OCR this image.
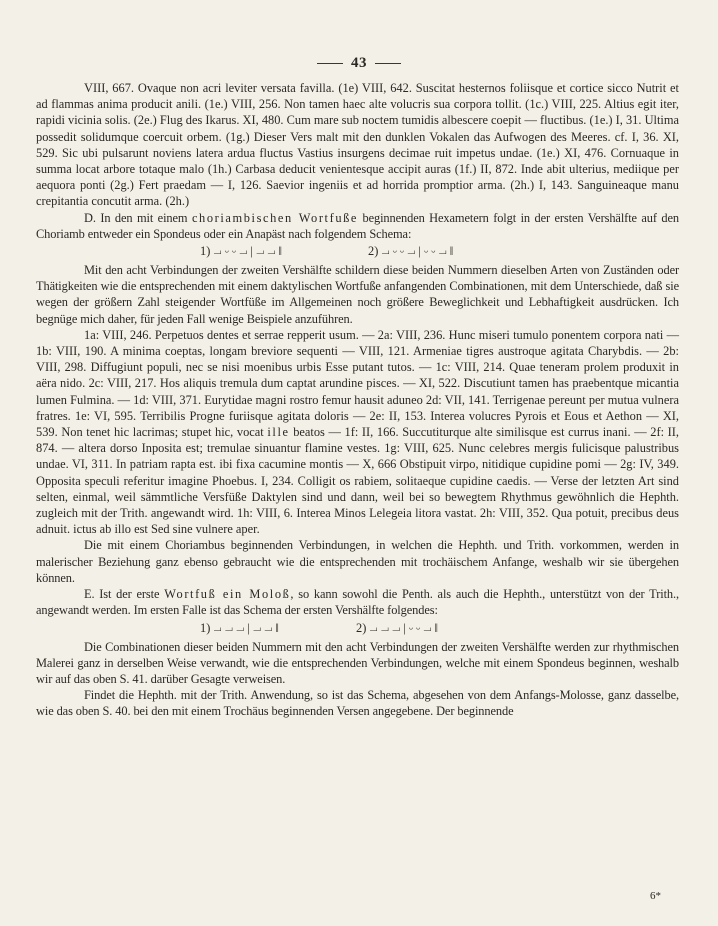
43

VIII, 667. Ovaque non acri leviter versata favilla. (1e) VIII, 642. Suscitat hesternos foliisque et cortice sicco Nutrit et ad flammas anima producit anili. (1e.) VIII, 256. Non tamen haec alte volucris sua corpora tollit. (1c.) VIII, 225. Altius egit iter, rapidi vicinia solis. (2e.) Flug des Ikarus. XI, 480. Cum mare sub noctem tumidis albescere coepit — fluctibus. (1e.) I, 31. Ultima possedit solidumque coercuit orbem. (1g.) Dieser Vers malt mit den dunklen Vokalen das Aufwogen des Meeres. cf. I, 36. XI, 529. Sic ubi pulsarunt noviens latera ardua fluctus Vastius insurgens decimae ruit impetus undae. (1e.) XI, 476. Cornuaque in summa locat arbore totaque malo (1h.) Carbasa deducit venientesque accipit auras (1f.) II, 872. Inde abit ulterius, mediique per aequora ponti (2g.) Fert praedam — I, 126. Saevior ingeniis et ad horrida promptior arma. (2h.) I, 143. Sanguineaque manu crepitantia concutit arma. (2h.)

D. In den mit einem choriambischen Wortfuße beginnenden Hexametern folgt in der ersten Vershälfte auf den Choriamb entweder ein Spondeus oder ein Anapäst nach folgendem Schema:

1) ⏗ ⏑ ⏑ ⏗ | ⏗ ⏗ ‖	2) ⏗ ⏑ ⏑ ⏗ | ⏑ ⏑ ⏗ ‖

Mit den acht Verbindungen der zweiten Vershälfte schildern diese beiden Nummern dieselben Arten von Zuständen oder Thätigkeiten wie die entsprechenden mit einem daktylischen Wortfuße anfangenden Combinationen, mit dem Unterschiede, daß sie wegen der größern Zahl steigender Wortfüße im Allgemeinen noch größere Beweglichkeit und Lebhaftigkeit ausdrücken. Ich begnüge mich daher, für jeden Fall wenige Beispiele anzuführen.

1a: VIII, 246. Perpetuos dentes et serrae repperit usum. — 2a: VIII, 236. Hunc miseri tumulo ponentem corpora nati — 1b: VIII, 190. A minima coeptas, longam breviore sequenti — VIII, 121. Armeniae tigres austroque agitata Charybdis. — 2b: VIII, 298. Diffugiunt populi, nec se nisi moenibus urbis Esse putant tutos. — 1c: VIII, 214. Quae teneram prolem produxit in aëra nido. 2c: VIII, 217. Hos aliquis tremula dum captat arundine pisces. — XI, 522. Discutiunt tamen has praebentque micantia lumen Fulmina. — 1d: VIII, 371. Eurytidae magni rostro femur hausit aduneo 2d: VII, 141. Terrigenae pereunt per mutua vulnera fratres. 1e: VI, 595. Terribilis Progne furiisque agitata doloris — 2e: II, 153. Interea volucres Pyrois et Eous et Aethon — XI, 539. Non tenet hic lacrimas; stupet hic, vocat ille beatos — 1f: II, 166. Succutiturque alte similisque est currus inani. — 2f: II, 874. — altera dorso Inposita est; tremulae sinuantur flamine vestes. 1g: VIII, 625. Nunc celebres mergis fulicisque palustribus undae. VI, 311. In patriam rapta est. ibi fixa cacumine montis — X, 666 Obstipuit virpo, nitidique cupidine pomi — 2g: IV, 349. Opposita speculi referitur imagine Phoebus. I, 234. Colligit os rabiem, solitaeque cupidine caedis. — Verse der letzten Art sind selten, einmal, weil sämmtliche Versfüße Daktylen sind und dann, weil bei so bewegtem Rhythmus gewöhnlich die Hephth. zugleich mit der Trith. angewandt wird. 1h: VIII, 6. Interea Minos Lelegeia litora vastat. 2h: VIII, 352. Qua potuit, precibus deus adnuit. ictus ab illo est Sed sine vulnere aper.

Die mit einem Choriambus beginnenden Verbindungen, in welchen die Hephth. und Trith. vorkommen, werden in malerischer Beziehung ganz ebenso gebraucht wie die entsprechenden mit trochäischem Anfange, weshalb wir sie übergehen können.

E. Ist der erste Wortfuß ein Moloß, so kann sowohl die Penth. als auch die Hephth., unterstützt von der Trith., angewandt werden. Im ersten Falle ist das Schema der ersten Vershälfte folgendes:

1) ⏗ ⏗ ⏗ | ⏗ ⏗ ‖	2) ⏗ ⏗ ⏗ | ⏑ ⏑ ⏗ ‖

Die Combinationen dieser beiden Nummern mit den acht Verbindungen der zweiten Vershälfte werden zur rhythmischen Malerei ganz in derselben Weise verwandt, wie die entsprechenden Verbindungen, welche mit einem Spondeus beginnen, weshalb wir auf das oben S. 41. darüber Gesagte verweisen.

Findet die Hephth. mit der Trith. Anwendung, so ist das Schema, abgesehen von dem Anfangs-Molosse, ganz dasselbe, wie das oben S. 40. bei den mit einem Trochäus beginnenden Versen angegebene. Der beginnende

6*
